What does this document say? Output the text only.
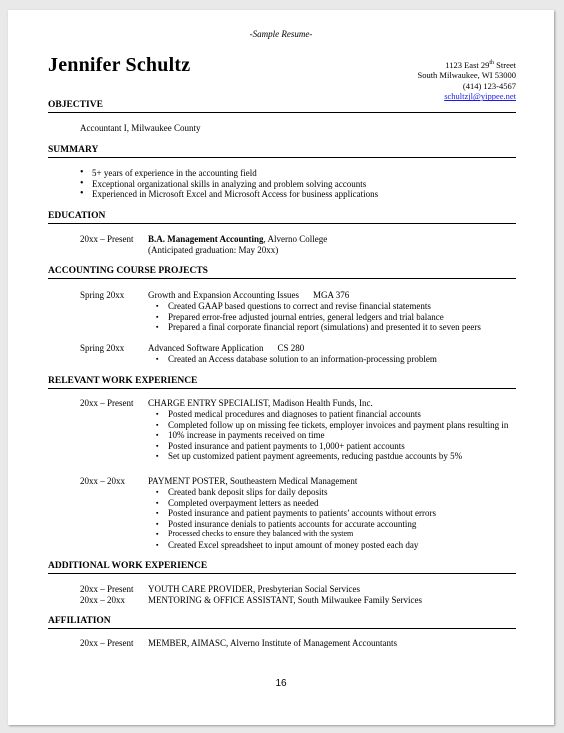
-Sample Resume-
Jennifer Schultz	1123 East 29th Street
South Milwaukee, WI 53000
(414) 123-4567
schultzjl@yippee.net
OBJECTIVE
Accountant I, Milwaukee County
SUMMARY
• 5+ years of experience in the accounting field
• Exceptional organizational skills in analyzing and problem solving accounts
• Experienced in Microsoft Excel and Microsoft Access for business applications
EDUCATION
20xx – Present B.A. Management Accounting, Alverno College
(Anticipated graduation: May 20xx)
ACCOUNTING COURSE PROJECTS
Spring 20xx	Growth and Expansion Accounting Issues MGA 376
▪ Created GAAP based questions to correct and revise financial statements
▪ Prepared error-free adjusted journal entries, general ledgers and trial balance
▪ Prepared a final corporate financial report (simulations) and presented it to seven peers
Spring 20xx	Advanced Software Application CS 280
▪ Created an Access database solution to an information-processing problem
RELEVANT WORK EXPERIENCE
20xx – Present CHARGE ENTRY SPECIALIST, Madison Health Funds, Inc.
▪ Posted medical procedures and diagnoses to patient financial accounts
▪ Completed follow up on missing fee tickets, employer invoices and payment plans resulting in
▪ 10% increase in payments received on time
▪ Posted insurance and patient payments to 1,000+ patient accounts
▪ Set up customized patient payment agreements, reducing pastdue accounts by 5%
20xx – 20xx	PAYMENT POSTER, Southeastern Medical Management
▪ Created bank deposit slips for daily deposits
▪ Completed overpayment letters as needed
▪ Posted insurance and patient payments to patients’ accounts without errors
▪ Posted insurance denials to patients accounts for accurate accounting
▪ Processed checks to ensure they balanced with the system
▪ Created Excel spreadsheet to input amount of money posted each day
ADDITIONAL WORK EXPERIENCE
20xx – Present YOUTH CARE PROVIDER, Presbyterian Social Services
20xx – 20xx	MENTORING & OFFICE ASSISTANT, South Milwaukee Family Services
AFFILIATION
20xx – Present MEMBER, AIMASC, Alverno Institute of Management Accountants
16
